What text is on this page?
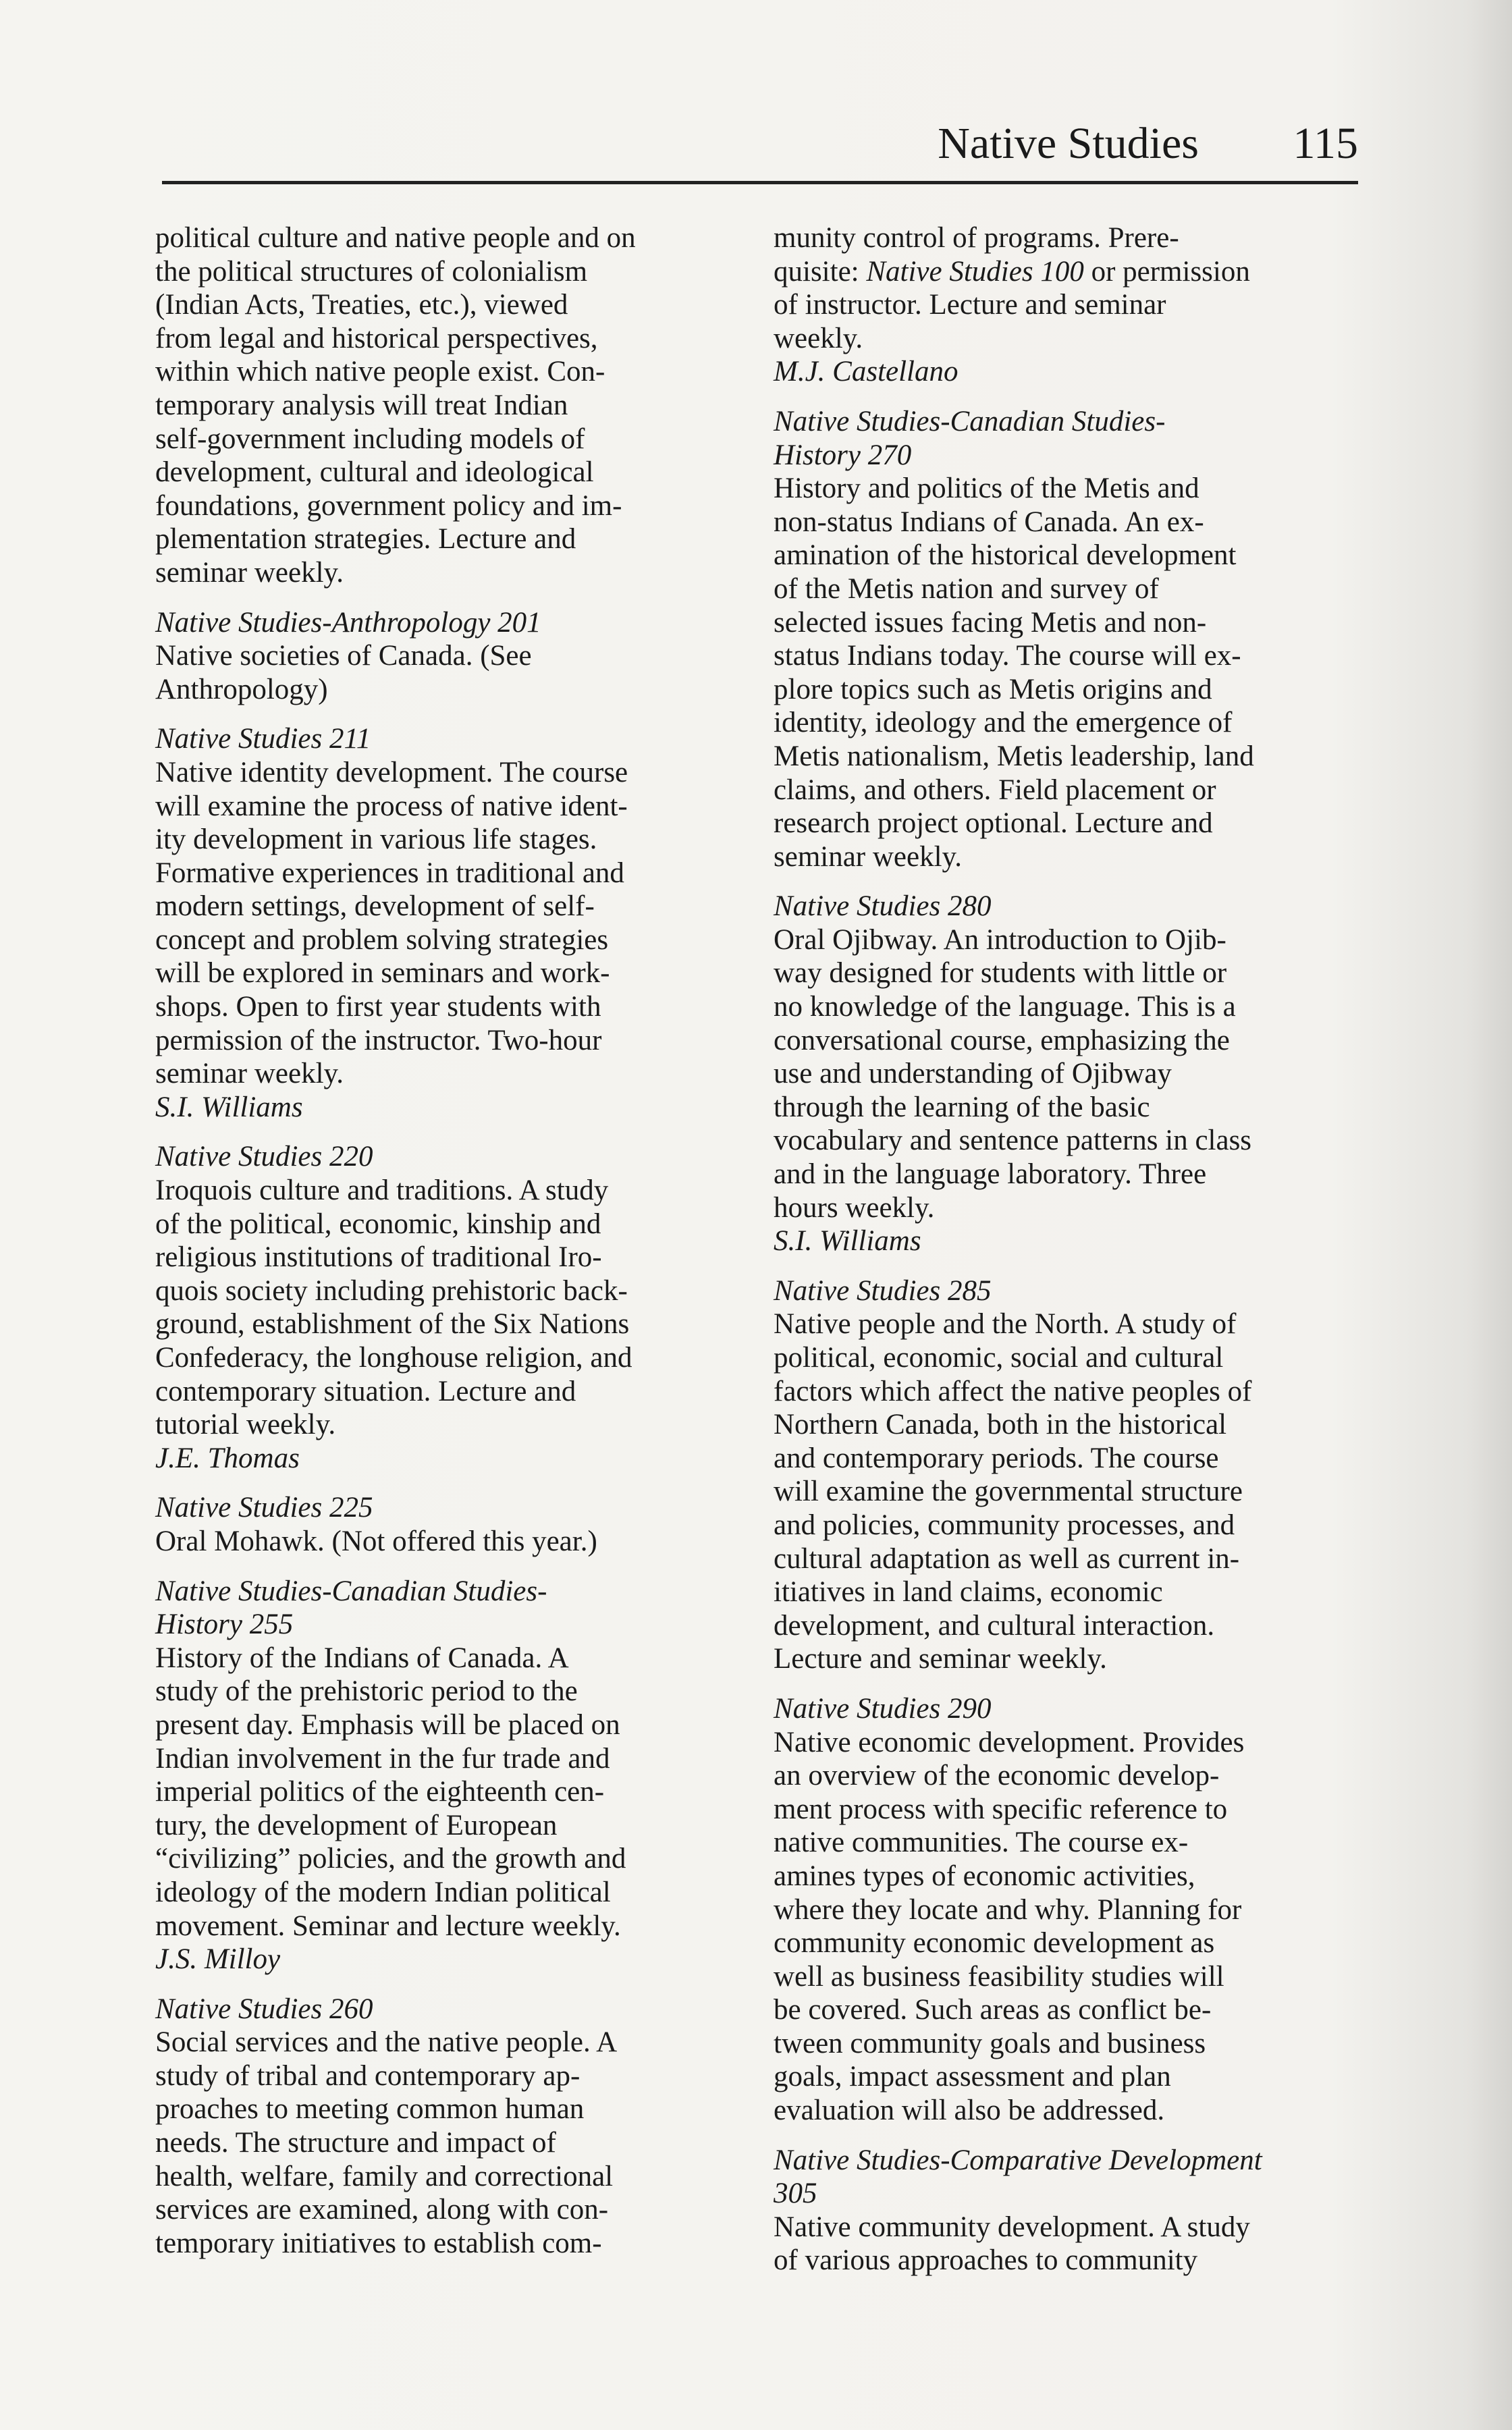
Native Studies 115
political culture and native people and on
the political structures of colonialism
(Indian Acts, Treaties, etc.), viewed
from legal and historical perspectives,
within which native people exist. Con-
temporary analysis will treat Indian
self-government including models of
development, cultural and ideological
foundations, government policy and im-
plementation strategies. Lecture and
seminar weekly.
Native Studies-Anthropology 201
Native societies of Canada. (See
Anthropology)
Native Studies 211
Native identity development. The course
will examine the process of native ident-
ity development in various life stages.
Formative experiences in traditional and
modern settings, development of self-
concept and problem solving strategies
will be explored in seminars and work-
shops. Open to first year students with
permission of the instructor. Two-hour
seminar weekly.
S.I. Williams
Native Studies 220
Iroquois culture and traditions. A study
of the political, economic, kinship and
religious institutions of traditional Iro-
quois society including prehistoric back-
ground, establishment of the Six Nations
Confederacy, the longhouse religion, and
contemporary situation. Lecture and
tutorial weekly.
J.E. Thomas
Native Studies 225
Oral Mohawk. (Not offered this year.)
Native Studies-Canadian Studies-
History 255
History of the Indians of Canada. A
study of the prehistoric period to the
present day. Emphasis will be placed on
Indian involvement in the fur trade and
imperial politics of the eighteenth cen-
tury, the development of European
“civilizing” policies, and the growth and
ideology of the modern Indian political
movement. Seminar and lecture weekly.
J.S. Milloy
Native Studies 260
Social services and the native people. A
study of tribal and contemporary ap-
proaches to meeting common human
needs. The structure and impact of
health, welfare, family and correctional
services are examined, along with con-
temporary initiatives to establish com-
munity control of programs. Prere-
quisite: Native Studies 100 or permission
of instructor. Lecture and seminar
weekly.
M.J. Castellano
Native Studies-Canadian Studies-
History 270
History and politics of the Metis and
non-status Indians of Canada. An ex-
amination of the historical development
of the Metis nation and survey of
selected issues facing Metis and non-
status Indians today. The course will ex-
plore topics such as Metis origins and
identity, ideology and the emergence of
Metis nationalism, Metis leadership, land
claims, and others. Field placement or
research project optional. Lecture and
seminar weekly.
Native Studies 280
Oral Ojibway. An introduction to Ojib-
way designed for students with little or
no knowledge of the language. This is a
conversational course, emphasizing the
use and understanding of Ojibway
through the learning of the basic
vocabulary and sentence patterns in class
and in the language laboratory. Three
hours weekly.
S.I. Williams
Native Studies 285
Native people and the North. A study of
political, economic, social and cultural
factors which affect the native peoples of
Northern Canada, both in the historical
and contemporary periods. The course
will examine the governmental structure
and policies, community processes, and
cultural adaptation as well as current in-
itiatives in land claims, economic
development, and cultural interaction.
Lecture and seminar weekly.
Native Studies 290
Native economic development. Provides
an overview of the economic develop-
ment process with specific reference to
native communities. The course ex-
amines types of economic activities,
where they locate and why. Planning for
community economic development as
well as business feasibility studies will
be covered. Such areas as conflict be-
tween community goals and business
goals, impact assessment and plan
evaluation will also be addressed.
Native Studies-Comparative Development
305
Native community development. A study
of various approaches to community
